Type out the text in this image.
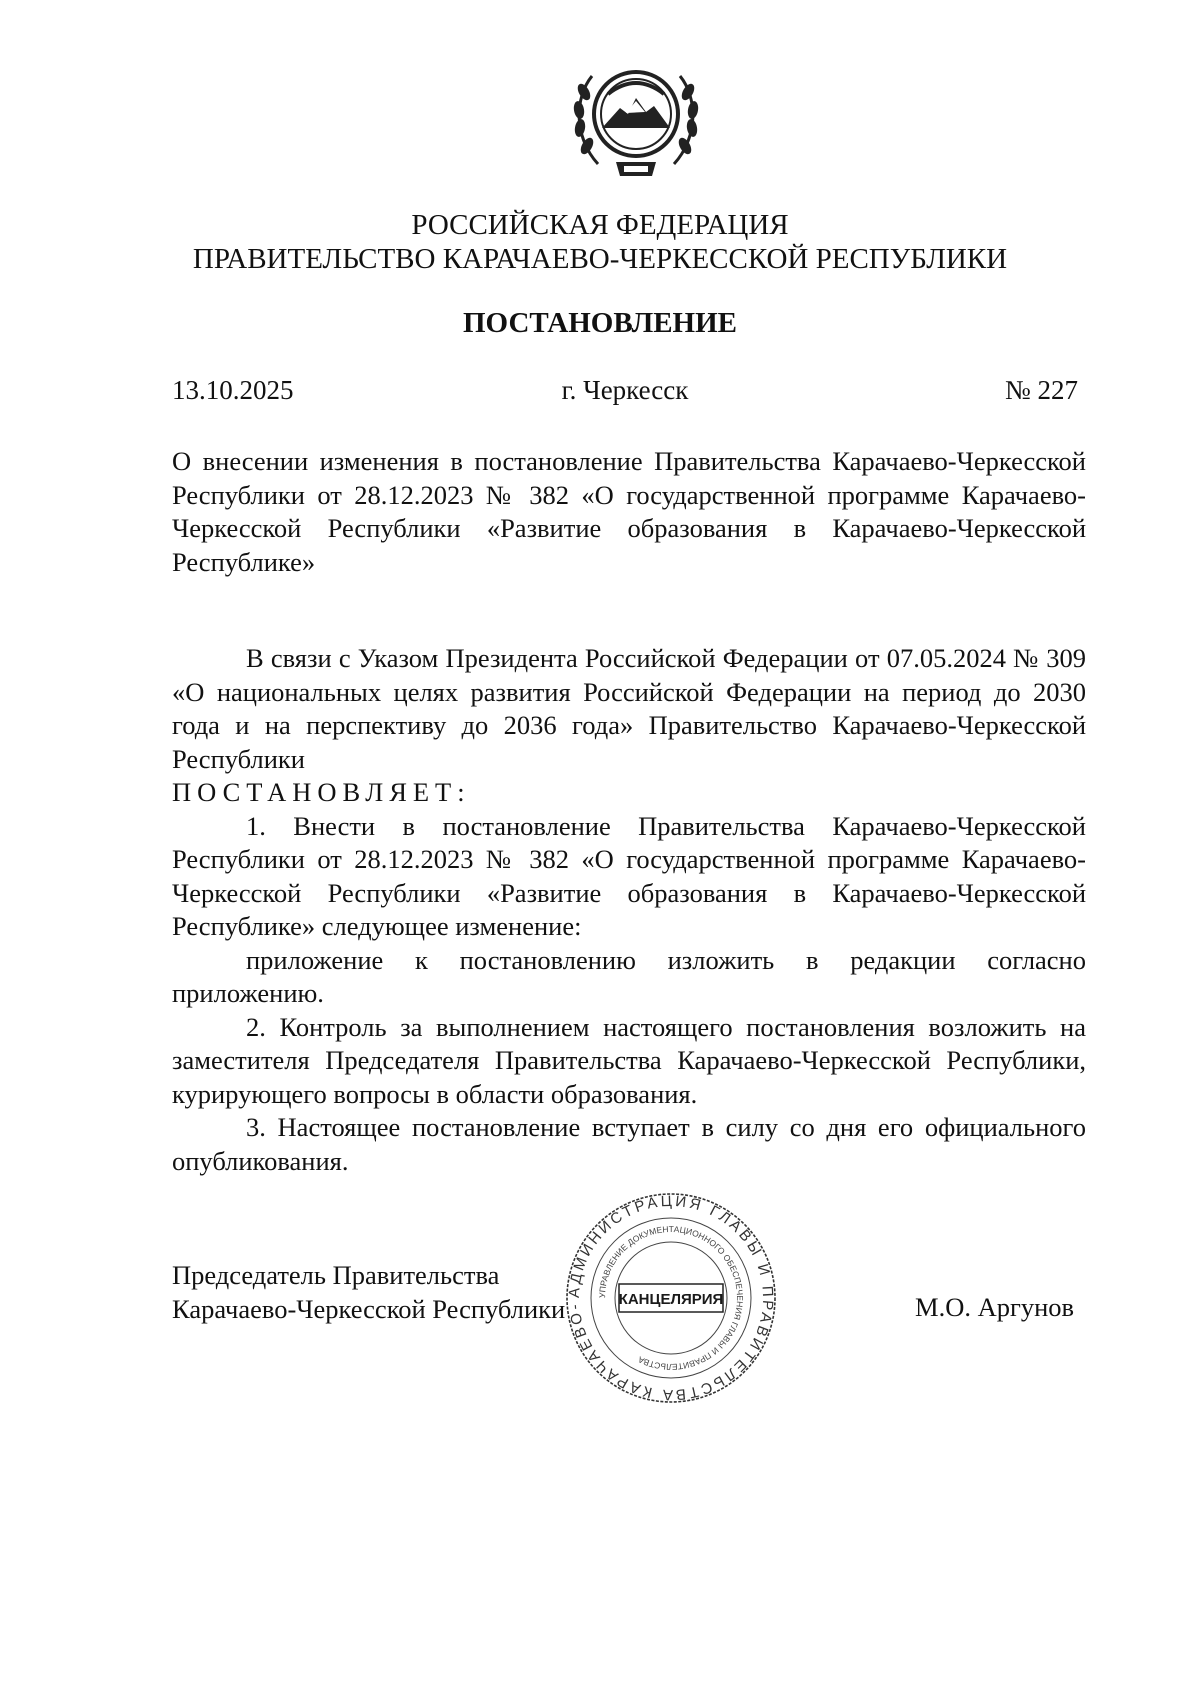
РОССИЙСКАЯ ФЕДЕРАЦИЯ
ПРАВИТЕЛЬСТВО КАРАЧАЕВО-ЧЕРКЕССКОЙ РЕСПУБЛИКИ
ПОСТАНОВЛЕНИЕ
13.10.2025	г. Черкесск	№ 227

О внесении изменения в постановление Правительства Карачаево-Черкесской Республики от 28.12.2023 № 382 «О государственной программе Карачаево-Черкесской Республики «Развитие образования в Карачаево-Черкесской Республике»

В связи с Указом Президента Российской Федерации от 07.05.2024 № 309 «О национальных целях развития Российской Федерации на период до 2030 года и на перспективу до 2036 года» Правительство Карачаево-Черкесской Республики

ПОСТАНОВЛЯЕТ:

1. Внести в постановление Правительства Карачаево-Черкесской Республики от 28.12.2023 № 382 «О государственной программе Карачаево-Черкесской Республики «Развитие образования в Карачаево-Черкесской Республике» следующее изменение:

приложение к постановлению изложить в редакции согласно приложению.

2. Контроль за выполнением настоящего постановления возложить на заместителя Председателя Правительства Карачаево-Черкесской Республики, курирующего вопросы в области образования.

3. Настоящее постановление вступает в силу со дня его официального опубликования.

Председатель Правительства
Карачаево-Черкесской Республики	М.О. Аргунов
АДМИНИСТРАЦИЯ ГЛАВЫ И ПРАВИТЕЛЬСТВА КАРАЧАЕВО-
УПРАВЛЕНИЕ ДОКУМЕНТАЦИОННОГО ОБЕСПЕЧЕНИЯ ГЛАВЫ И ПРАВИТЕЛЬСТВА
КАНЦЕЛЯРИЯ
